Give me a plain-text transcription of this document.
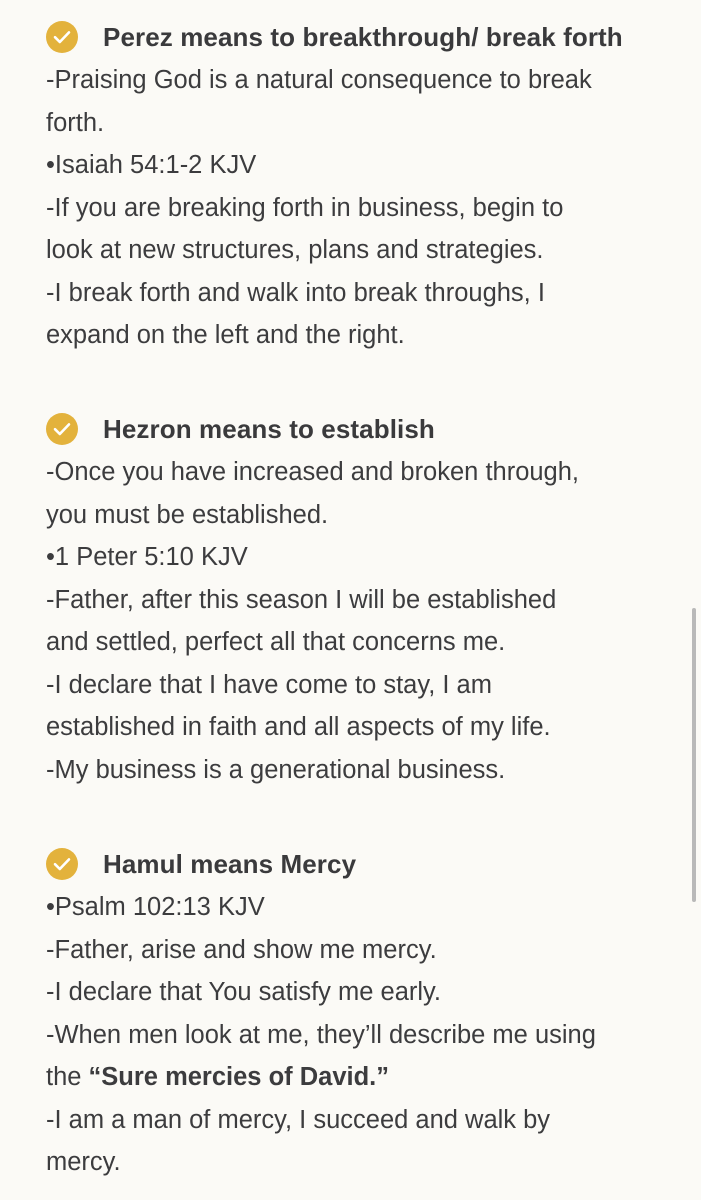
Perez means to breakthrough/ break forth
-Praising God is a natural consequence to break
forth.
•Isaiah 54:1-2 KJV
-If you are breaking forth in business, begin to
look at new structures, plans and strategies.
-I break forth and walk into break throughs, I
expand on the left and the right.
Hezron means to establish
-Once you have increased and broken through,
you must be established.
•1 Peter 5:10 KJV
-Father, after this season I will be established
and settled, perfect all that concerns me.
-I declare that I have come to stay, I am
established in faith and all aspects of my life.
-My business is a generational business.
Hamul means Mercy
•Psalm 102:13 KJV
-Father, arise and show me mercy.
-I declare that You satisfy me early.
-When men look at me, they’ll describe me using
the “Sure mercies of David.”
-I am a man of mercy, I succeed and walk by
mercy.
